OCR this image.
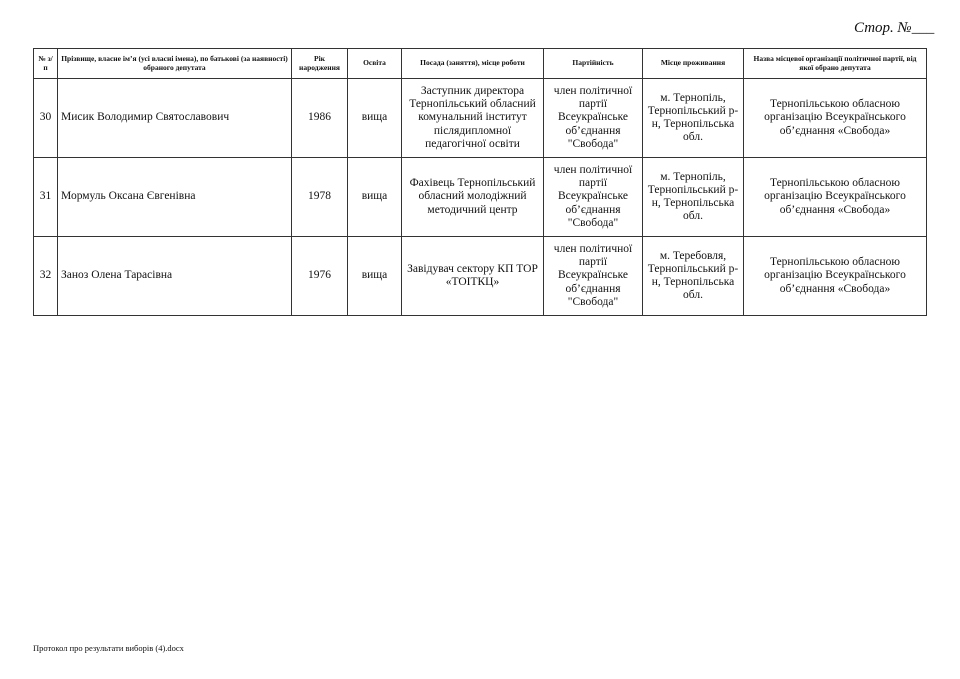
Стор. №___
№ з/п	Прізвище, власне ім’я (усі власні імена), по батькові (за наявності) обраного депутата	Рік народження	Освіта	Посада (заняття), місце роботи	Партійність	Місце проживання	Назва місцевої організації політичної партії, від якої обрано депутата
30	Мисик Володимир Святославович	1986	вища	Заступник директора Тернопільський обласний комунальний інститут післядипломної педагогічної освіти	член політичної партії Всеукраїнське об’єднання "Свобода"	м. Тернопіль, Тернопільський р-н, Тернопільська обл.	Тернопільською обласною організацію Всеукраїнського об’єднання «Свобода»
31	Мормуль Оксана Євгенівна	1978	вища	Фахівець Тернопільський обласний молодіжний методичний центр	член політичної партії Всеукраїнське об’єднання "Свобода"	м. Тернопіль, Тернопільський р-н, Тернопільська обл.	Тернопільською обласною організацію Всеукраїнського об’єднання «Свобода»
32	Заноз Олена Тарасівна	1976	вища	Завідувач сектору КП ТОР «ТОІТКЦ»	член політичної партії Всеукраїнське об’єднання "Свобода"	м. Теребовля, Тернопільський р-н, Тернопільська обл.	Тернопільською обласною організацію Всеукраїнського об’єднання «Свобода»
Протокол про результати виборів (4).docx
